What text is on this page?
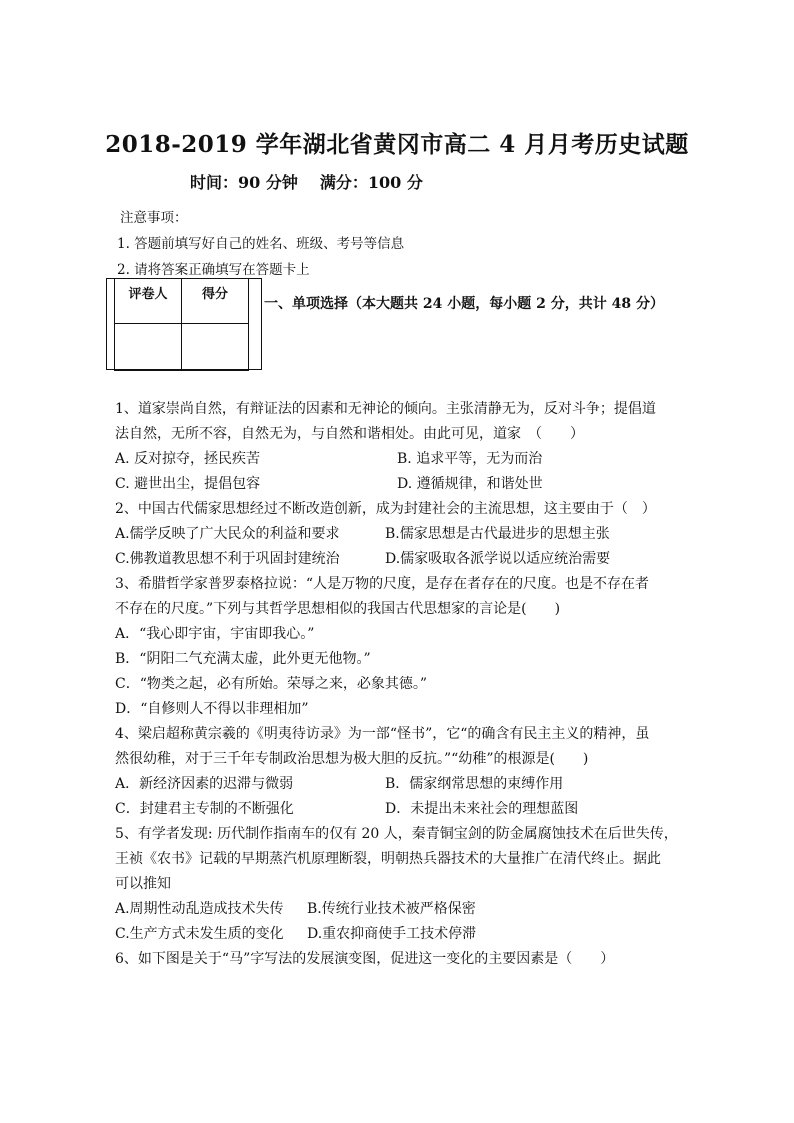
2018-2019 学年湖北省黄冈市高二 4 月月考历史试题
时间：90 分钟 满分：100 分
注意事项：
1. 答题前填写好自己的姓名、班级、考号等信息
2. 请将答案正确填写在答题卡上
评卷人	得分

一、单项选择（本大题共 24 小题，每小题 2 分，共计 48 分）
1、道家崇尚自然，有辩证法的因素和无神论的倾向。主张清静无为，反对斗争；提倡道
法自然，无所不容，自然无为，与自然和谐相处。由此可见，道家　（　　）
A. 反对掠夺，拯民疾苦	B. 追求平等，无为而治
C. 避世出尘，提倡包容	D. 遵循规律，和谐处世
2、中国古代儒家思想经过不断改造创新，成为封建社会的主流思想，这主要由于（　）
A.儒学反映了广大民众的利益和要求	B.儒家思想是古代最进步的思想主张
C.佛教道教思想不利于巩固封建统治	D.儒家吸取各派学说以适应统治需要
3、希腊哲学家普罗泰格拉说：“人是万物的尺度，是存在者存在的尺度。也是不存在者
不存在的尺度。”下列与其哲学思想相似的我国古代思想家的言论是(　　)
A．“我心即宇宙，宇宙即我心。”
B．“阴阳二气充满太虚，此外更无他物。”
C．“物类之起，必有所始。荣辱之来，必象其德。”
D．“自修则人不得以非理相加”
4、梁启超称黄宗羲的《明夷待访录》为一部“怪书”，它“的确含有民主主义的精神，虽
然很幼稚，对于三千年专制政治思想为极大胆的反抗。”“幼稚”的根源是(　　)
A．新经济因素的迟滞与微弱	B．儒家纲常思想的束缚作用
C．封建君主专制的不断强化	D．未提出未来社会的理想蓝图
5、有学者发现: 历代制作指南车的仅有 20 人，秦青铜宝剑的防金属腐蚀技术在后世失传，
王祯《农书》记载的早期蒸汽机原理断裂，明朝热兵器技术的大量推广在清代终止。据此
可以推知
A.周期性动乱造成技术失传	B.传统行业技术被严格保密
C.生产方式未发生质的变化	D.重农抑商使手工技术停滞
6、如下图是关于“马”字写法的发展演变图，促进这一变化的主要因素是（　　）
